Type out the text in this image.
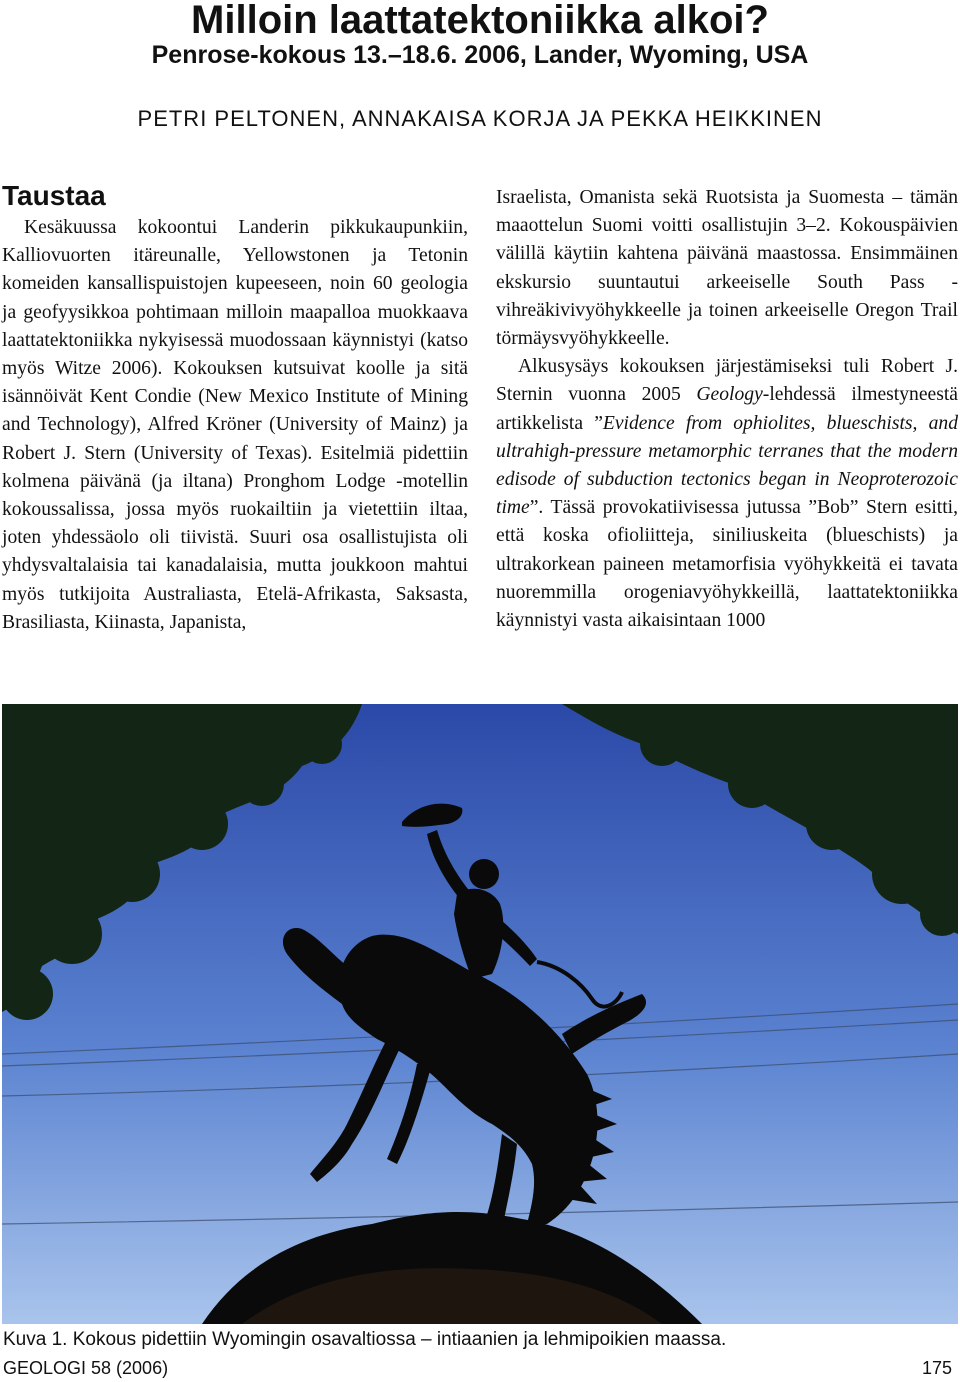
Milloin laattatektoniikka alkoi?
Penrose-kokous 13.–18.6. 2006, Lander, Wyoming, USA

PETRI PELTONEN, ANNAKAISA KORJA JA PEKKA HEIKKINEN

Taustaa

Kesäkuussa kokoontui Landerin pikkukaupunkiin, Kalliovuorten itäreunalle, Yellowstonen ja Tetonin komeiden kansallispuistojen kupeeseen, noin 60 geologia ja geofyysikkoa pohtimaan milloin maapalloa muokkaava laattatektoniikka nykyisessä muodossaan käynnistyi (katso myös Witze 2006). Kokouksen kutsuivat koolle ja sitä isännöivät Kent Condie (New Mexico Institute of Mining and Technology), Alfred Kröner (University of Mainz) ja Robert J. Stern (University of Texas). Esitelmiä pidettiin kolmena päivänä (ja iltana) Pronghom Lodge -motellin kokoussalissa, jossa myös ruokailtiin ja vietettiin iltaa, joten yhdessäolo oli tiivistä. Suuri osa osallistujista oli yhdysvaltalaisia tai kanadalaisia, mutta joukkoon mahtui myös tutkijoita Australiasta, Etelä-Afrikasta, Saksasta, Brasiliasta, Kiinasta, Japanista,

Israelista, Omanista sekä Ruotsista ja Suomesta – tämän maaottelun Suomi voitti osallistujin 3–2. Kokouspäivien välillä käytiin kahtena päivänä maastossa. Ensimmäinen ekskursio suuntautui arkeeiselle South Pass -vihreäkivivyöhykkeelle ja toinen arkeeiselle Oregon Trail törmäysvyöhykkeelle.

Alkusysäys kokouksen järjestämiseksi tuli Robert J. Sternin vuonna 2005 Geology-lehdessä ilmestyneestä artikkelista ”Evidence from ophiolites, blueschists, and ultrahigh-pressure metamorphic terranes that the modern edisode of subduction tectonics began in Neoproterozoic time”. Tässä provokatiivisessa jutussa ”Bob” Stern esitti, että koska ofioliitteja, siniliuskeita (blueschists) ja ultrakorkean paineen metamorfisia vyöhykkeitä ei tavata nuoremmilla orogeniavyöhykkeillä, laattatektoniikka käynnistyi vasta aikaisintaan 1000

Kuva 1. Kokous pidettiin Wyomingin osavaltiossa – intiaanien ja lehmipoikien maassa.

GEOLOGI 58 (2006)	175
